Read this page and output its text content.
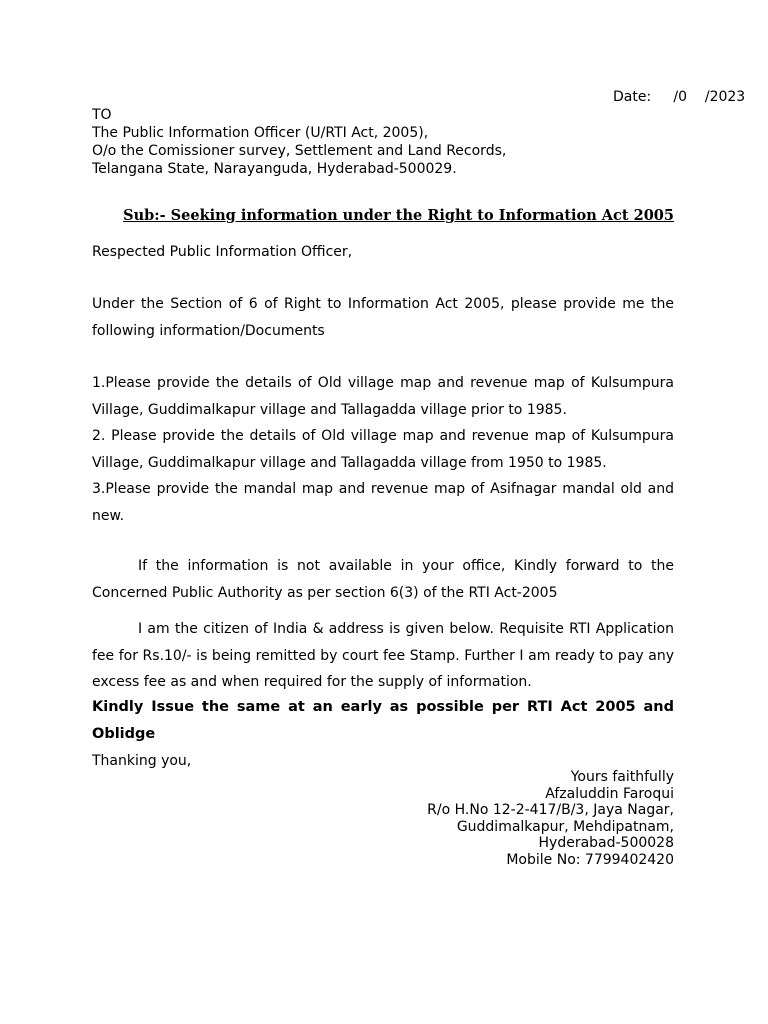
Date:     /0    /2023
TO
The Public Information Officer (U/RTI Act, 2005),
O/o the Comissioner survey, Settlement and Land Records,
Telangana State, Narayanguda, Hyderabad-500029.
Sub:- Seeking information under the Right to Information Act 2005
Respected Public Information Officer,
Under the Section of 6 of Right to Information Act 2005, please provide me the following information/Documents
1.Please provide the details of Old village map and revenue map of Kulsumpura Village, Guddimalkapur village and Tallagadda village prior to 1985.
2. Please provide the details of Old village map and revenue map of Kulsumpura Village, Guddimalkapur village and Tallagadda village from 1950 to 1985.
3.Please provide the mandal map and revenue map of Asifnagar mandal old and new.
If the information is not available in your office, Kindly forward to the Concerned Public Authority as per section 6(3) of the RTI Act-2005
I am the citizen of India & address is given below. Requisite RTI Application fee for Rs.10/- is being remitted by court fee Stamp. Further I am ready to pay any excess fee as and when required for the supply of information.
Kindly Issue the same at an early as possible per RTI Act 2005 and Oblidge
Thanking you,
Yours faithfully
Afzaluddin Faroqui
R/o H.No 12-2-417/B/3, Jaya Nagar,
Guddimalkapur, Mehdipatnam,
Hyderabad-500028
Mobile No: 7799402420
